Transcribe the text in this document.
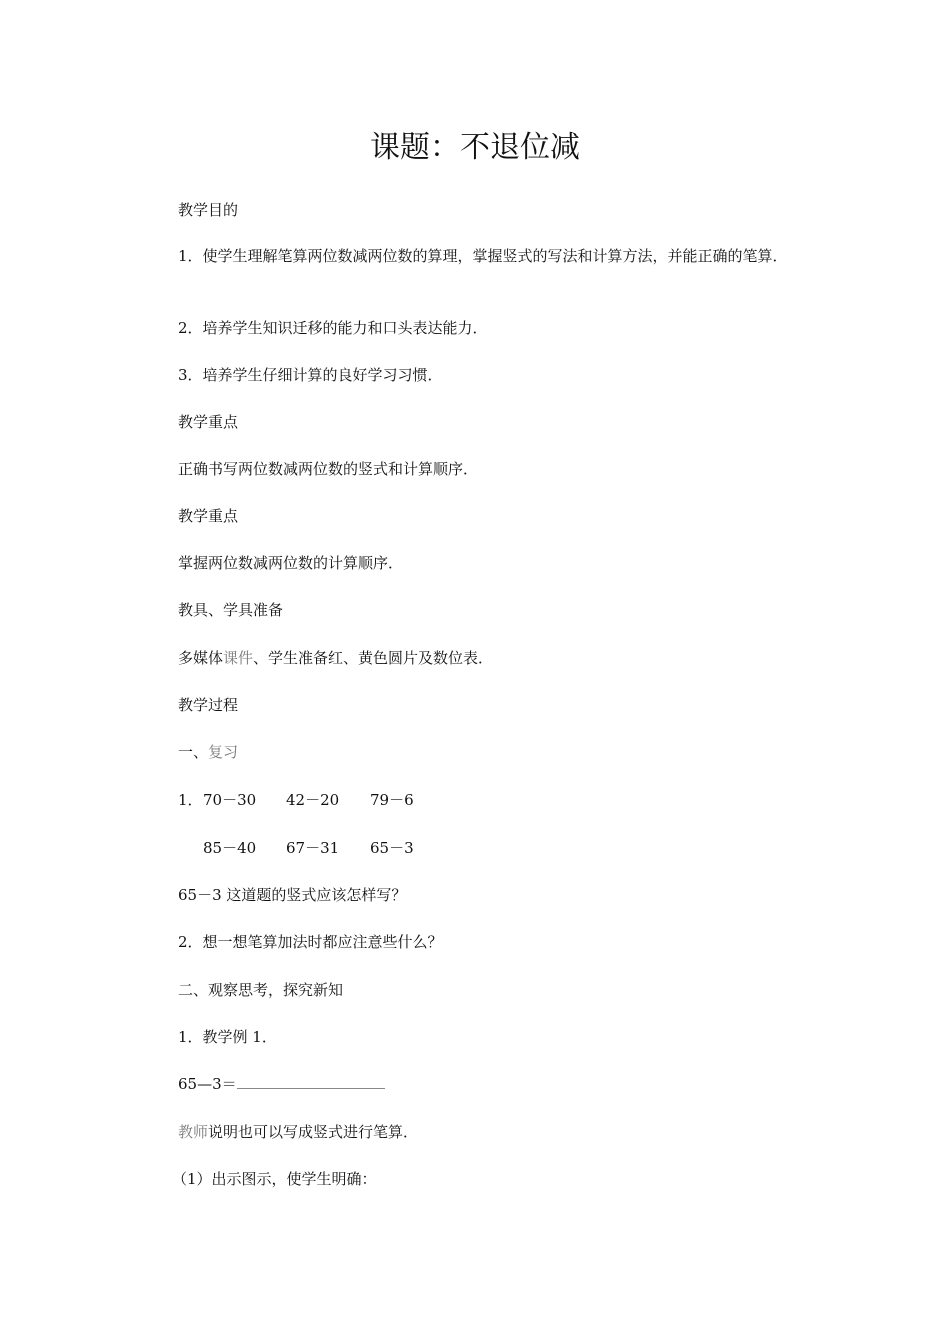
课题：不退位减
教学目的
1．使学生理解笔算两位数减两位数的算理，掌握竖式的写法和计算方法，并能正确的笔算．
2．培养学生知识迁移的能力和口头表达能力．
3．培养学生仔细计算的良好学习习惯．
教学重点
正确书写两位数减两位数的竖式和计算顺序．
教学重点
掌握两位数减两位数的计算顺序．
教具、学具准备
多媒体课件、学生准备红、黄色圆片及数位表．
教学过程
一、复习
1．70－30 42－20 79－6
85－40 67－31 65－3
65－3 这道题的竖式应该怎样写？
2．想一想笔算加法时都应注意些什么？
二、观察思考，探究新知
1．教学例 1．
65—3＝
教师说明也可以写成竖式进行笔算．
（1）出示图示，使学生明确：
